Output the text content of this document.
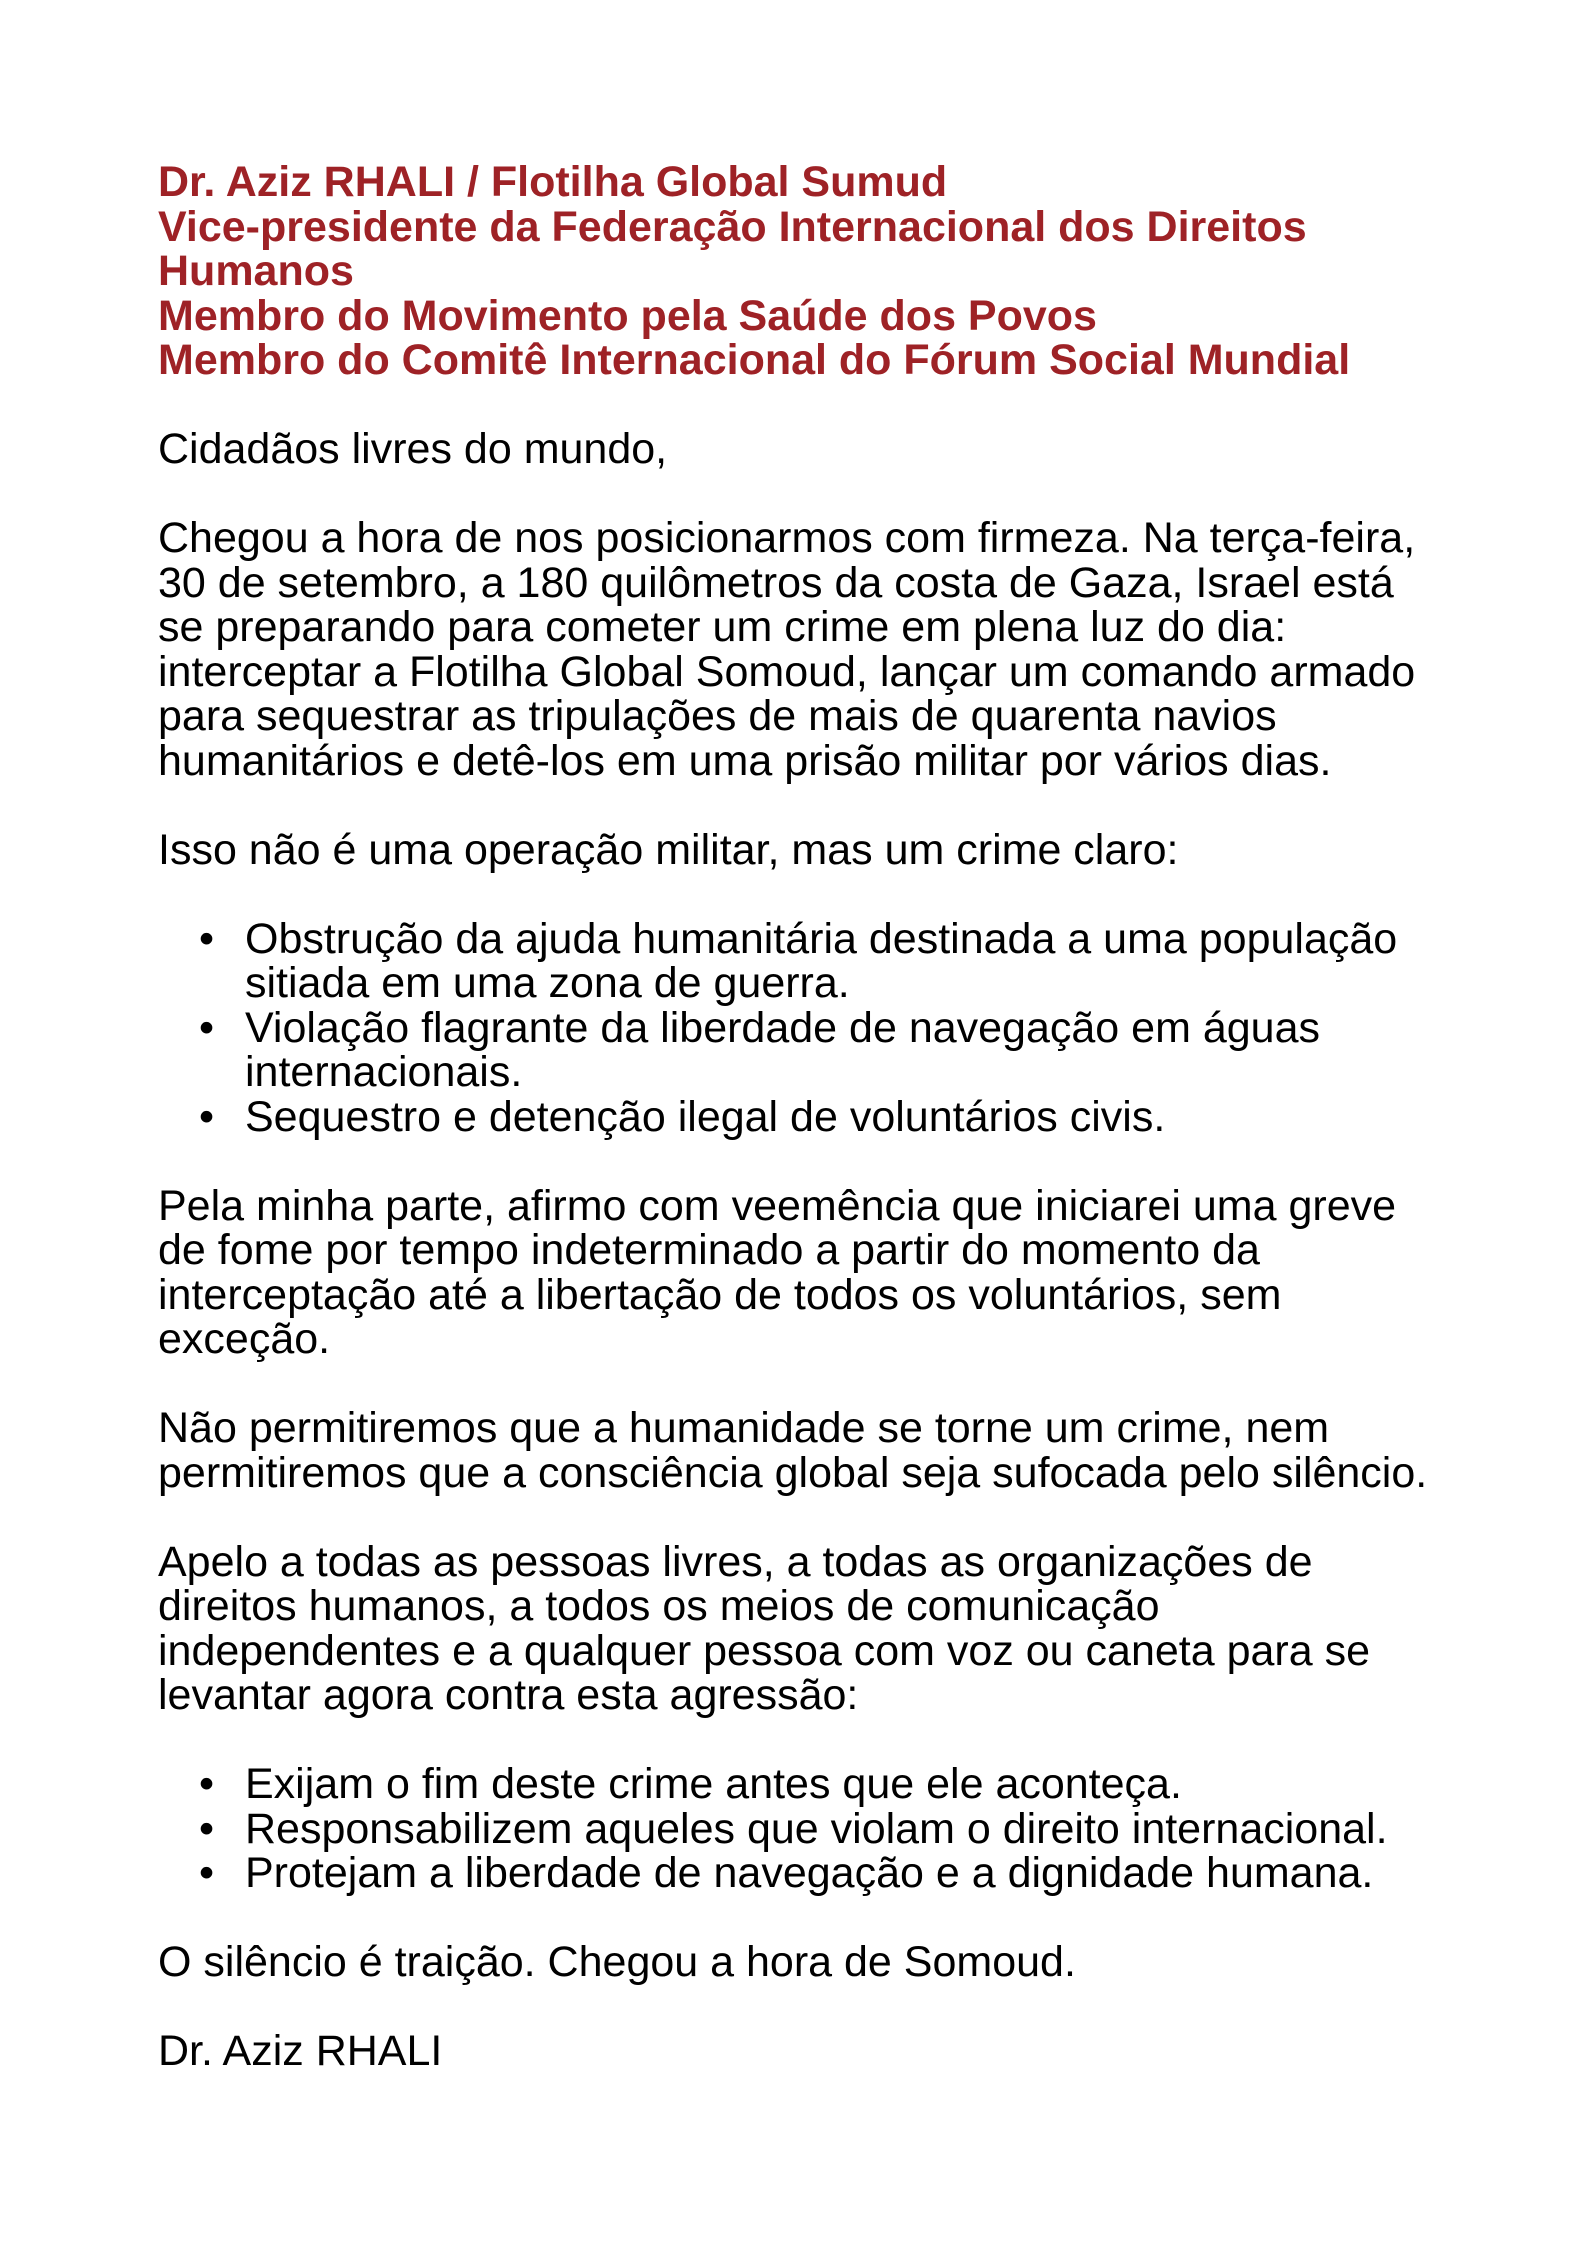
Dr. Aziz RHALI / Flotilha Global Sumud
Vice-presidente da Federação Internacional dos Direitos Humanos
Membro do Movimento pela Saúde dos Povos
Membro do Comitê Internacional do Fórum Social Mundial

Cidadãos livres do mundo,

Chegou a hora de nos posicionarmos com firmeza. Na terça-feira, 30 de setembro, a 180 quilômetros da costa de Gaza, Israel está se preparando para cometer um crime em plena luz do dia: interceptar a Flotilha Global Somoud, lançar um comando armado para sequestrar as tripulações de mais de quarenta navios humanitários e detê-los em uma prisão militar por vários dias.

Isso não é uma operação militar, mas um crime claro:

• Obstrução da ajuda humanitária destinada a uma população sitiada em uma zona de guerra.
• Violação flagrante da liberdade de navegação em águas internacionais.
• Sequestro e detenção ilegal de voluntários civis.

Pela minha parte, afirmo com veemência que iniciarei uma greve de fome por tempo indeterminado a partir do momento da interceptação até a libertação de todos os voluntários, sem exceção.

Não permitiremos que a humanidade se torne um crime, nem permitiremos que a consciência global seja sufocada pelo silêncio.

Apelo a todas as pessoas livres, a todas as organizações de direitos humanos, a todos os meios de comunicação independentes e a qualquer pessoa com voz ou caneta para se levantar agora contra esta agressão:

• Exijam o fim deste crime antes que ele aconteça.
• Responsabilizem aqueles que violam o direito internacional.
• Protejam a liberdade de navegação e a dignidade humana.

O silêncio é traição. Chegou a hora de Somoud.

Dr. Aziz RHALI
